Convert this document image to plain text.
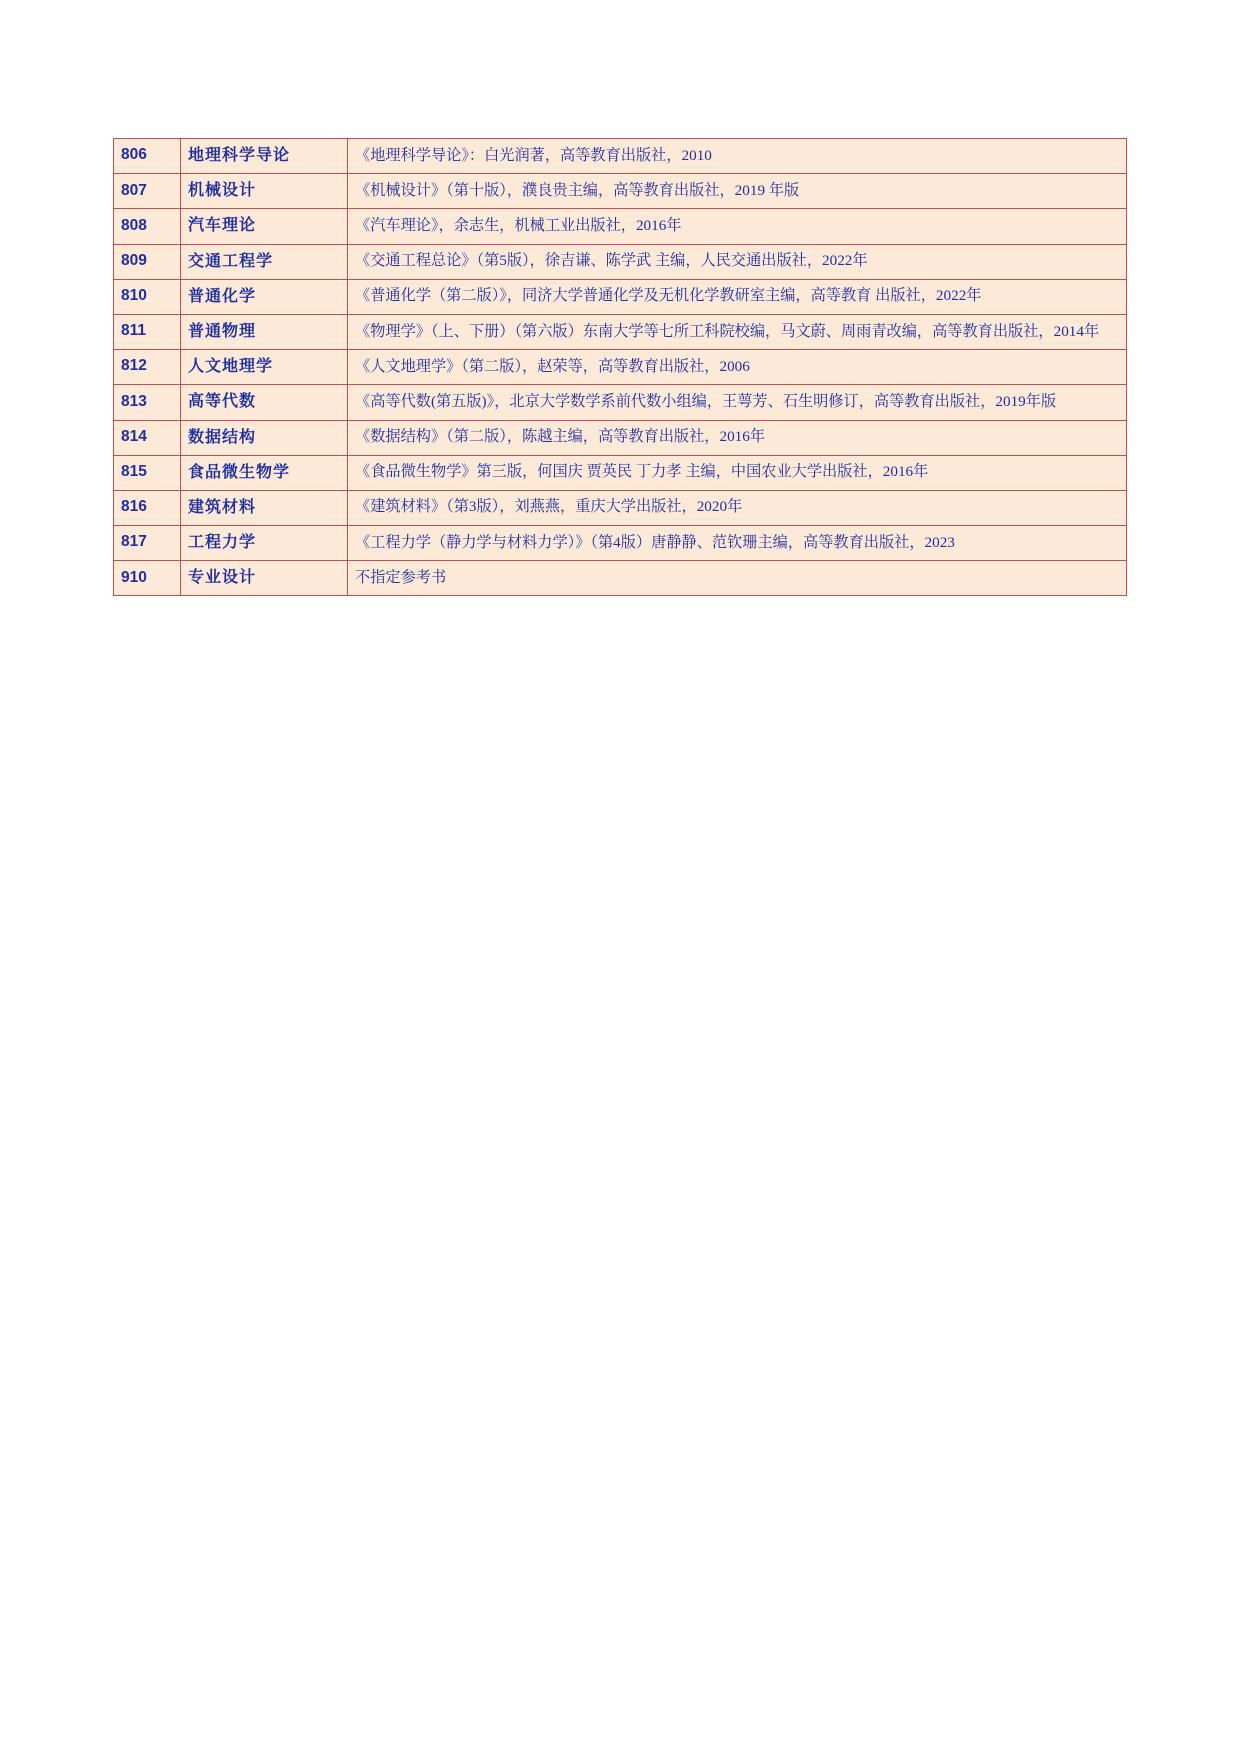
806	地理科学导论	《地理科学导论》：白光润著，高等教育出版社，2010
807	机械设计	《机械设计》（第十版），濮良贵主编，高等教育出版社，2019 年版
808	汽车理论	《汽车理论》，余志生，机械工业出版社，2016年
809	交通工程学	《交通工程总论》（第5版），徐吉谦、陈学武 主编，人民交通出版社，2022年
810	普通化学	《普通化学（第二版）》，同济大学普通化学及无机化学教研室主编，高等教育 出版社，2022年
811	普通物理	《物理学》（上、下册）（第六版）东南大学等七所工科院校编，马文蔚、周雨青改编，高等教育出版社，2014年
812	人文地理学	《人文地理学》（第二版），赵荣等，高等教育出版社，2006
813	高等代数	《高等代数(第五版)》，北京大学数学系前代数小组编，王萼芳、石生明修订，高等教育出版社，2019年版
814	数据结构	《数据结构》（第二版），陈越主编，高等教育出版社，2016年
815	食品微生物学	《食品微生物学》第三版，何国庆 贾英民 丁力孝 主编，中国农业大学出版社，2016年
816	建筑材料	《建筑材料》（第3版），刘燕燕，重庆大学出版社，2020年
817	工程力学	《工程力学（静力学与材料力学）》（第4版）唐静静、范钦珊主编，高等教育出版社，2023
910	专业设计	不指定参考书
